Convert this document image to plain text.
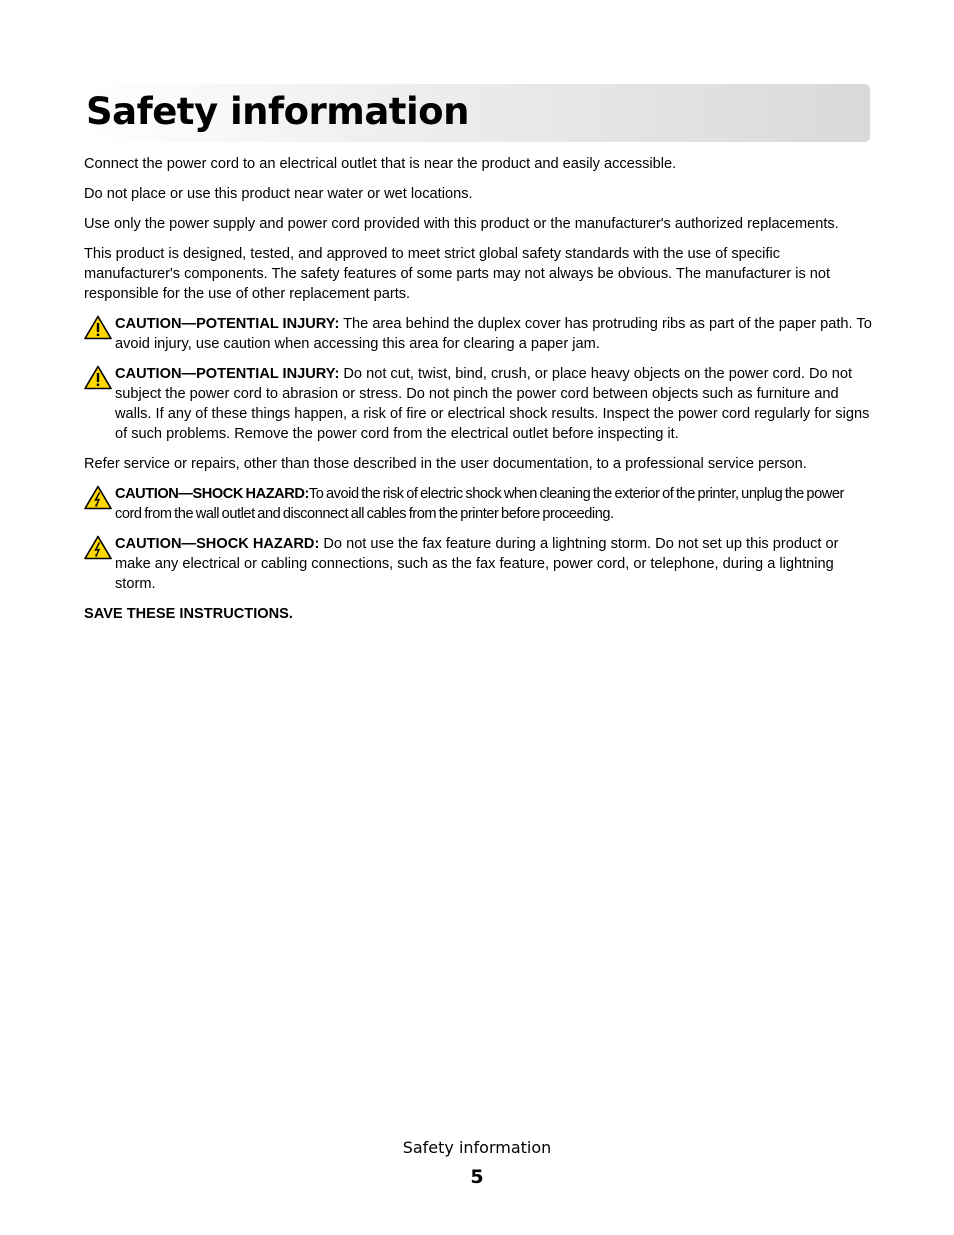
Safety information

Connect the power cord to an electrical outlet that is near the product and easily accessible.

Do not place or use this product near water or wet locations.

Use only the power supply and power cord provided with this product or the manufacturer's authorized replacements.

This product is designed, tested, and approved to meet strict global safety standards with the use of specific manufacturer's components. The safety features of some parts may not always be obvious. The manufacturer is not responsible for the use of other replacement parts.

CAUTION—POTENTIAL INJURY: The area behind the duplex cover has protruding ribs as part of the paper path. To avoid injury, use caution when accessing this area for clearing a paper jam.
CAUTION—POTENTIAL INJURY: Do not cut, twist, bind, crush, or place heavy objects on the power cord. Do not subject the power cord to abrasion or stress. Do not pinch the power cord between objects such as furniture and walls. If any of these things happen, a risk of fire or electrical shock results. Inspect the power cord regularly for signs of such problems. Remove the power cord from the electrical outlet before inspecting it.

Refer service or repairs, other than those described in the user documentation, to a professional service person.

CAUTION—SHOCK HAZARD:To avoid the risk of electric shock when cleaning the exterior of the printer, unplug the power cord from the wall outlet and disconnect all cables from the printer before proceeding.
CAUTION—SHOCK HAZARD: Do not use the fax feature during a lightning storm. Do not set up this product or make any electrical or cabling connections, such as the fax feature, power cord, or telephone, during a lightning storm.

SAVE THESE INSTRUCTIONS.

Safety information
5
